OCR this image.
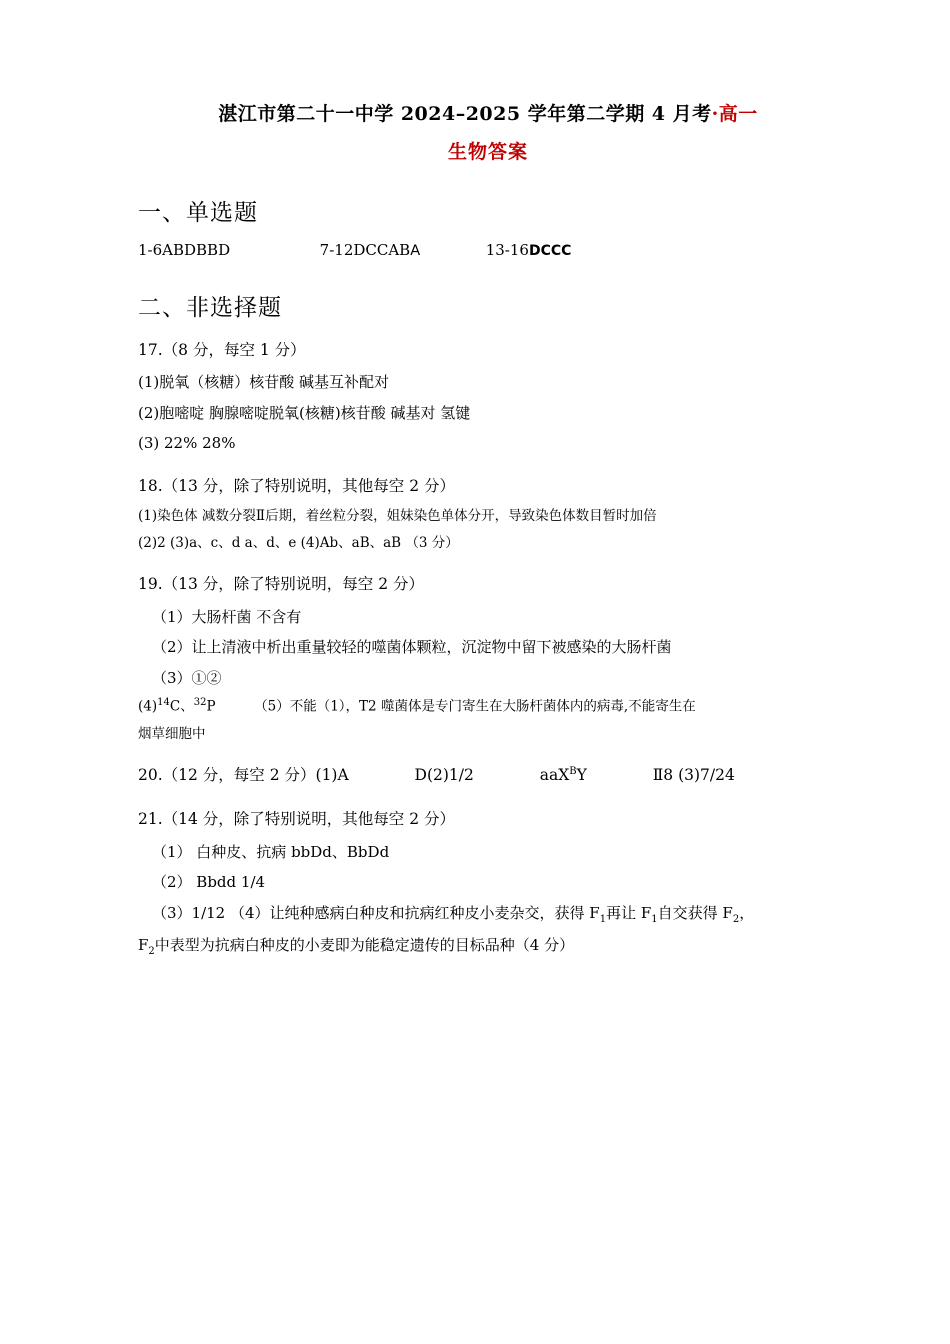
湛江市第二十一中学 2024–2025 学年第二学期 4 月考·高一
生物答案
一、单选题
1-6ABDBBD	7-12DCCABA	13-16DCCC
二、非选择题
17.（8 分，每空 1 分）
(1)脱氧（核糖）核苷酸 碱基互补配对
(2)胞嘧啶 胸腺嘧啶脱氧(核糖)核苷酸 碱基对 氢键
(3) 22% 28%
18.（13 分，除了特别说明，其他每空 2 分）
(1)染色体 减数分裂Ⅱ后期，着丝粒分裂，姐妹染色单体分开，导致染色体数目暂时加倍
(2)2 (3)a、c、d a、d、e (4)Ab、aB、aB （3 分）
19.（13 分，除了特别说明，每空 2 分）
（1）大肠杆菌 不含有
（2）让上清液中析出重量较轻的噬菌体颗粒，沉淀物中留下被感染的大肠杆菌
（3）①②
$(4)^{14}C$、$^{32}$P	（5）不能（1），T2 噬菌体是专门寄生在大肠杆菌体内的病毒,不能寄生在
烟草细胞中
20.（12 分，每空 2 分）(1)A	D(2)1/2	aaX$^B$Y	Ⅱ8 (3)7/24
21.（14 分，除了特别说明，其他每空 2 分）
（1） 白种皮、抗病 bbDd、BbDd
（2） Bbdd 1/4
（3）1/12 （4）让纯种感病白种皮和抗病红种皮小麦杂交，获得 $F_1$再让 $F_1$自交获得 $F_2$，
$F_2$中表型为抗病白种皮的小麦即为能稳定遗传的目标品种（4 分）
